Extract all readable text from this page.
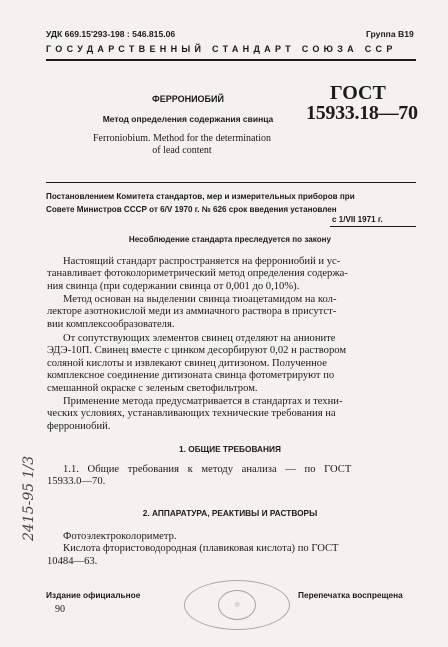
УДК 669.15'293-198 : 546.815.06	Группа В19
ГОСУДАРСТВЕННЫЙ СТАНДАРТ СОЮЗА ССР
ФЕРРОНИОБИЙ
Метод определения содержания свинца
Ferroniobium. Method for the determination
of lead content
ГОСТ
15933.18—70
Постановлением Комитета стандартов, мер и измерительных приборов при
Совете Министров СССР от 6/V 1970 г. № 626 срок введения установлен
с 1/VII 1971 г.
Несоблюдение стандарта преследуется по закону
Настоящий стандарт распространяется на феррониобий и ус-
танавливает фотоколориметрический метод определения содержа-
ния свинца (при содержании свинца от 0,001 до 0,10%).
Метод основан на выделении свинца тиоацетамидом на кол-
лекторе азотнокислой меди из аммиачного раствора в присутст-
вии комплексообразователя.
От сопутствующих элементов свинец отделяют на анионите
ЭДЭ-10П. Свинец вместе с цинком десорбируют 0,02 н раствором
соляной кислоты и извлекают свинец дитизоном. Полученное
комплексное соединение дитизоната свинца фотометрируют по
смешанной окраске с зеленым светофильтром.
Применение метода предусматривается в стандартах и техни-
ческих условиях, устанавливающих технические требования на
феррониобий.
1. ОБЩИЕ ТРЕБОВАНИЯ
1.1. Общие требования к методу анализа — по ГОСТ
15933.0—70.
2. АППАРАТУРА, РЕАКТИВЫ И РАСТВОРЫ
Фотоэлектроколориметр.
Кислота фтористоводородная (плавиковая кислота) по ГОСТ
10484—63.
Издание официальное	Перепечатка воспрещена
90	◎
2415-95 1/3
